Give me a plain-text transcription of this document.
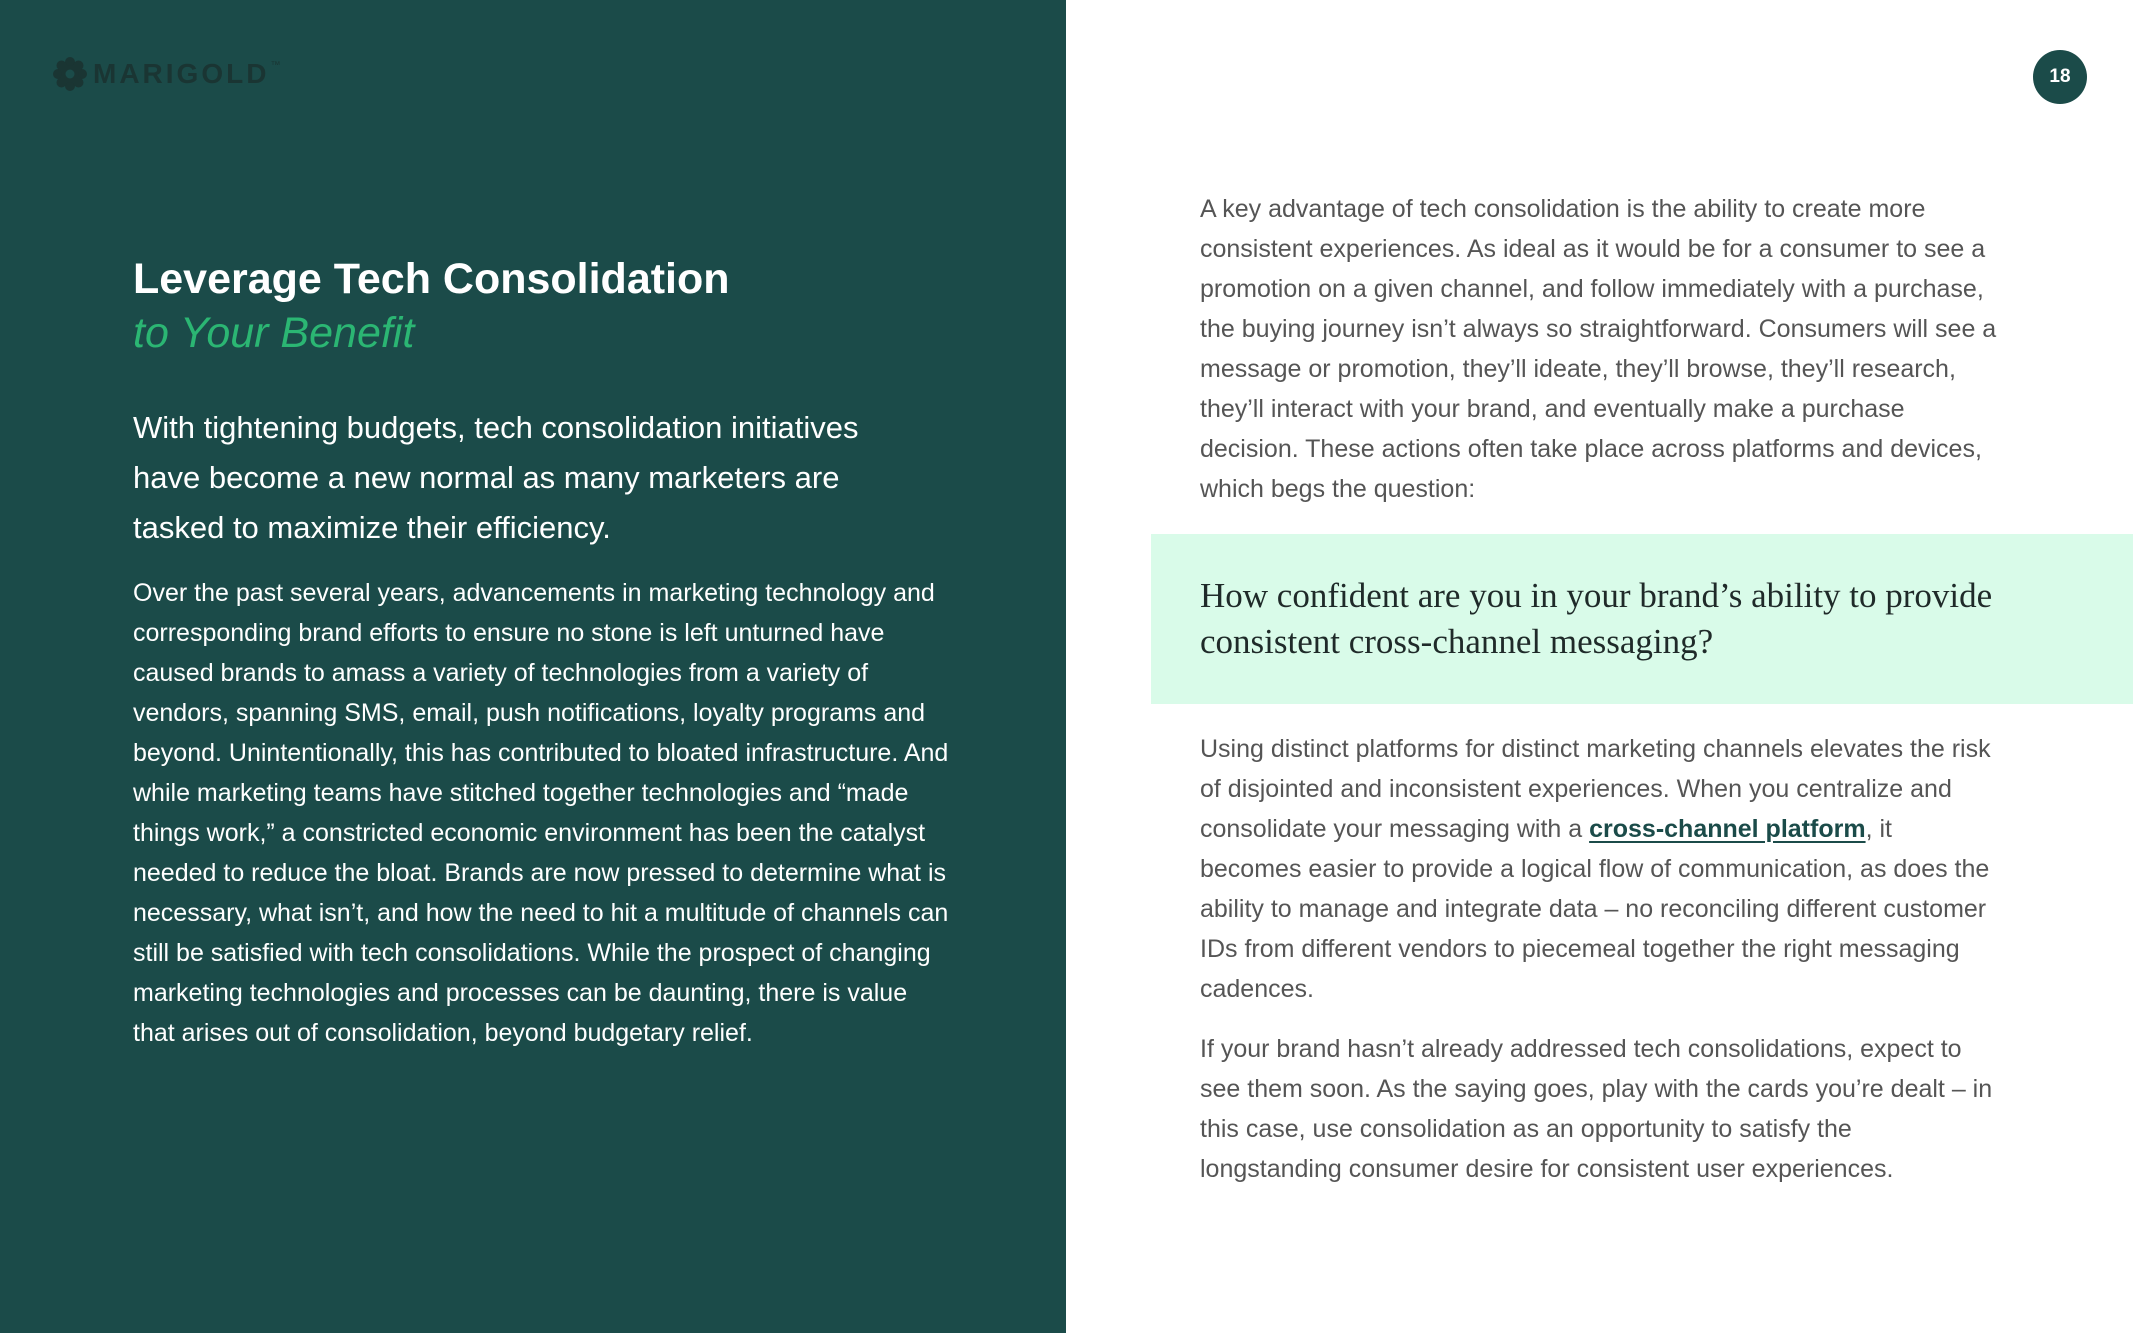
MARIGOLD ™
Leverage Tech Consolidation
to Your Benefit
With tightening budgets, tech consolidation initiatives have become a new normal as many marketers are tasked to maximize their efficiency.
Over the past several years, advancements in marketing technology and corresponding brand efforts to ensure no stone is left unturned have caused brands to amass a variety of technologies from a variety of vendors, spanning SMS, email, push notifications, loyalty programs and beyond. Unintentionally, this has contributed to bloated infrastructure. And while marketing teams have stitched together technologies and “made things work,” a constricted economic environment has been the catalyst needed to reduce the bloat. Brands are now pressed to determine what is necessary, what isn’t, and how the need to hit a multitude of channels can still be satisfied with tech consolidations. While the prospect of changing marketing technologies and processes can be daunting, there is value that arises out of consolidation, beyond budgetary relief.
18

A key advantage of tech consolidation is the ability to create more consistent experiences. As ideal as it would be for a consumer to see a promotion on a given channel, and follow immediately with a purchase, the buying journey isn’t always so straightforward. Consumers will see a message or promotion, they’ll ideate, they’ll browse, they’ll research, they’ll interact with your brand, and eventually make a purchase decision. These actions often take place across platforms and devices, which begs the question:

How confident are you in your brand’s ability to provide consistent cross-channel messaging?

Using distinct platforms for distinct marketing channels elevates the risk of disjointed and inconsistent experiences. When you centralize and consolidate your messaging with a cross-channel platform, it becomes easier to provide a logical flow of communication, as does the ability to manage and integrate data – no reconciling different customer IDs from different vendors to piecemeal together the right messaging cadences.

If your brand hasn’t already addressed tech consolidations, expect to see them soon. As the saying goes, play with the cards you’re dealt – in this case, use consolidation as an opportunity to satisfy the longstanding consumer desire for consistent user experiences.
